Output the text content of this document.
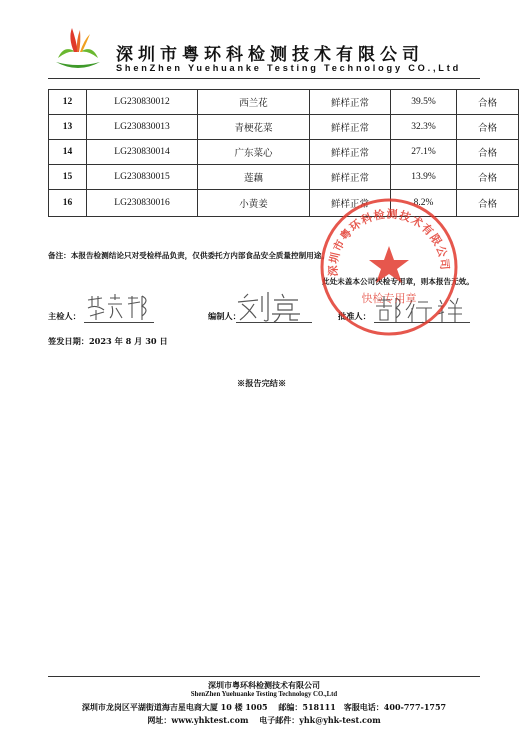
深圳市粤环科检测技术有限公司
ShenZhen Yuehuanke Testing Technology CO.,Ltd
12	LG230830012	西兰花	鲜样正常	39.5%	合格
13	LG230830013	青梗花菜	鲜样正常	32.3%	合格
14	LG230830014	广东菜心	鲜样正常	27.1%	合格
15	LG230830015	莲藕	鲜样正常	13.9%	合格
16	LG230830016	小黄姜	鲜样正常	8.2%	合格
备注：本报告检测结论只对受检样品负责，仅供委托方内部食品安全质量控制用途。
此处未盖本公司快检专用章，则本报告无效。
主检人：	编制人：	批准人：
签发日期：2023 年 8 月 30 日
※报告完结※
深圳市粤环科检测技术有限公司
快检专用章
深圳市粤环科检测技术有限公司
ShenZhen Yuehuanke Testing Technology CO.,Ltd
深圳市龙岗区平湖街道海吉星电商大厦 10 楼 1005　 邮编：518111　客服电话：400-777-1757
网址：www.yhktest.com　 电子邮件：yhk@yhk-test.com
